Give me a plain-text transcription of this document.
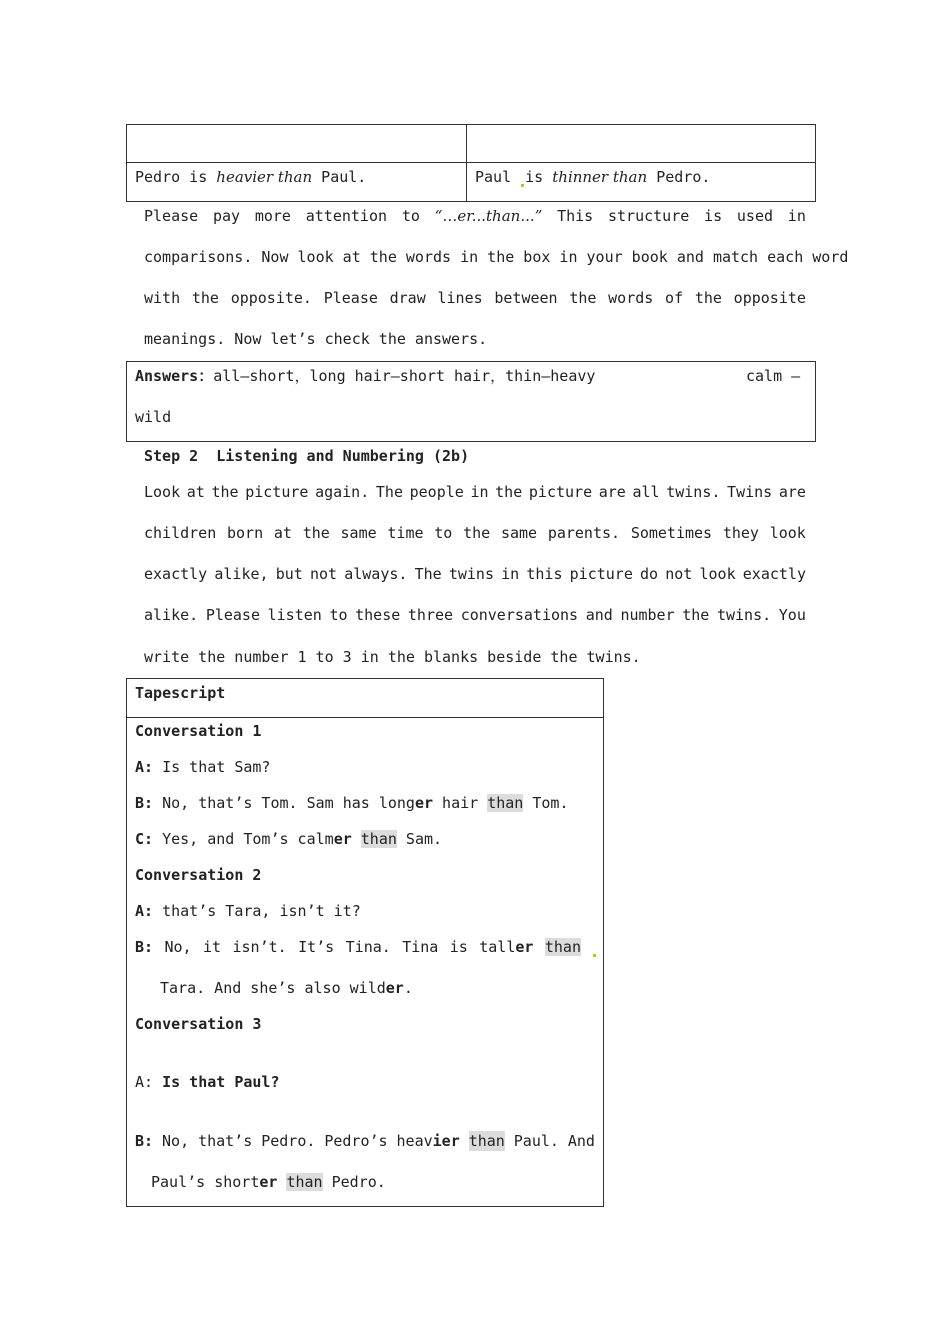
Pedro is heavier than Paul.	Paul is thinner than Pedro.
Please pay more attention to “…er...than...” This structure is used in
comparisons. Now look at the words in the box in your book and match each word
with the opposite. Please draw lines between the words of the opposite
meanings. Now let’s check the answers.
Answers：all—short，long hair—short hair，thin—heavy	calm —
wild
Step 2 Listening and Numbering (2b)
Look at the picture again. The people in the picture are all twins. Twins are
children born at the same time to the same parents. Sometimes they look
exactly alike, but not always. The twins in this picture do not look exactly
alike. Please listen to these three conversations and number the twins. You
write the number 1 to 3 in the blanks beside the twins.
Tapescript
Conversation 1
A: Is that Sam?
B: No, that’s Tom. Sam has longer hair than Tom.
C: Yes, and Tom’s calmer than Sam.
Conversation 2
A: that’s Tara, isn’t it?
B: No, it isn’t. It’s Tina. Tina is taller than
Tara. And she’s also wilder.
Conversation 3
A: Is that Paul?
B: No, that’s Pedro. Pedro’s heavier than Paul. And
Paul’s shorter than Pedro.
